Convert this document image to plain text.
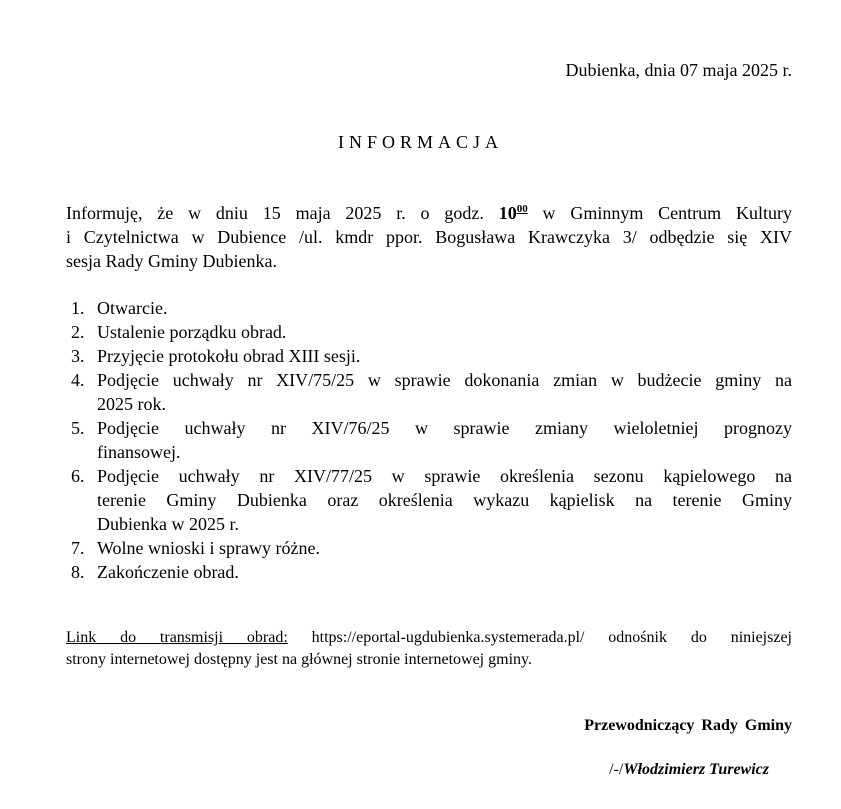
Dubienka, dnia 07 maja 2025 r.
INFORMACJA
Informuję, że w dniu 15 maja 2025 r. o godz. $10^{00}$ w Gminnym Centrum Kultury
i Czytelnictwa w Dubience /ul. kmdr ppor. Bogusława Krawczyka 3/ odbędzie się XIV
sesja Rady Gminy Dubienka.
1. Otwarcie.
2. Ustalenie porządku obrad.
3. Przyjęcie protokołu obrad XIII sesji.
4. Podjęcie uchwały nr XIV/75/25 w sprawie dokonania zmian w budżecie gminy na
2025 rok.
5. Podjęcie uchwały nr XIV/76/25 w sprawie zmiany wieloletniej prognozy
finansowej.
6. Podjęcie uchwały nr XIV/77/25 w sprawie określenia sezonu kąpielowego na
terenie Gminy Dubienka oraz określenia wykazu kąpielisk na terenie Gminy
Dubienka w 2025 r.
7. Wolne wnioski i sprawy różne.
8. Zakończenie obrad.
Link do transmisji obrad: https://eportal-ugdubienka.systemerada.pl/ odnośnik do niniejszej
strony internetowej dostępny jest na głównej stronie internetowej gminy.
Przewodniczący Rady Gminy
/-/Włodzimierz Turewicz
